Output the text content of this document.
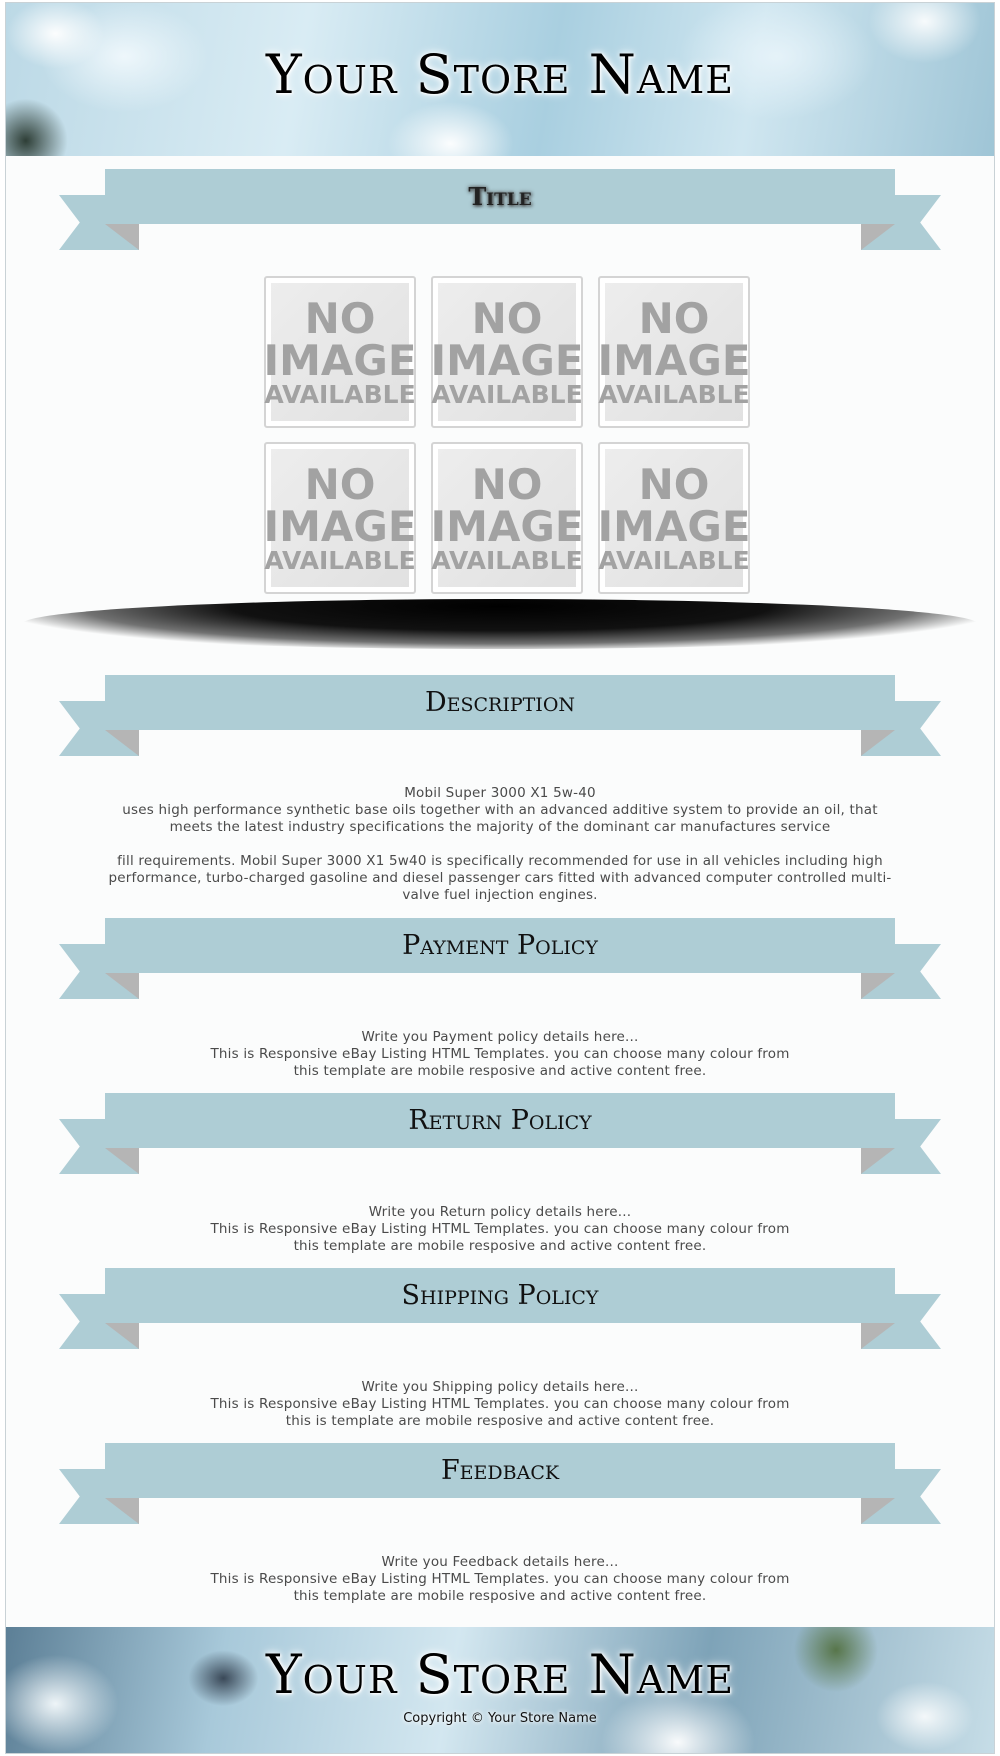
Your Store Name
Title
NO
IMAGE
AVAILABLE
NO
IMAGE
AVAILABLE
NO
IMAGE
AVAILABLE
NO
IMAGE
AVAILABLE
NO
IMAGE
AVAILABLE
NO
IMAGE
AVAILABLE
Description

Mobil Super 3000 X1 5w-40

uses high performance synthetic base oils together with an advanced additive system to provide an oil, that meets the latest industry specifications the majority of the dominant car manufactures service

fill requirements. Mobil Super 3000 X1 5w40 is specifically recommended for use in all vehicles including high performance, turbo-charged gasoline and diesel passenger cars fitted with advanced computer controlled multi-valve fuel injection engines.

Payment Policy

Write you Payment policy details here...

This is Responsive eBay Listing HTML Templates. you can choose many colour from

this template are mobile resposive and active content free.

Return Policy

Write you Return policy details here...

This is Responsive eBay Listing HTML Templates. you can choose many colour from

this template are mobile resposive and active content free.

Shipping Policy

Write you Shipping policy details here...

This is Responsive eBay Listing HTML Templates. you can choose many colour from

this is template are mobile resposive and active content free.

Feedback

Write you Feedback details here...

This is Responsive eBay Listing HTML Templates. you can choose many colour from

this template are mobile resposive and active content free.

Your Store Name
Copyright © Your Store Name
